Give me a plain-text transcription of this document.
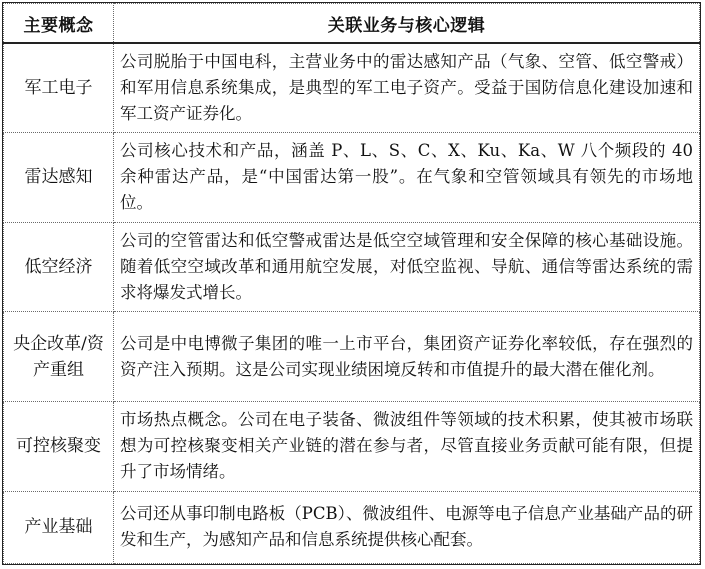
主要概念	关联业务与核心逻辑
军工电子	公司脱胎于中国电科，主营业务中的雷达感知产品（气象、空管、低空警戒）和军用信息系统集成，是典型的军工电子资产。受益于国防信息化建设加速和军工资产证券化。
雷达感知	公司核心技术和产品，涵盖 P、L、S、C、X、Ku、Ka、W 八个频段的 40 余种雷达产品，是“中国雷达第一股”。在气象和空管领域具有领先的市场地位。
低空经济	公司的空管雷达和低空警戒雷达是低空空域管理和安全保障的核心基础设施。随着低空空域改革和通用航空发展，对低空监视、导航、通信等雷达系统的需求将爆发式增长。
央企改革/资产重组	公司是中电博微子集团的唯一上市平台，集团资产证券化率较低，存在强烈的资产注入预期。这是公司实现业绩困境反转和市值提升的最大潜在催化剂。
可控核聚变	市场热点概念。公司在电子装备、微波组件等领域的技术积累，使其被市场联想为可控核聚变相关产业链的潜在参与者，尽管直接业务贡献可能有限，但提升了市场情绪。
产业基础	公司还从事印制电路板（PCB）、微波组件、电源等电子信息产业基础产品的研发和生产，为感知产品和信息系统提供核心配套。
